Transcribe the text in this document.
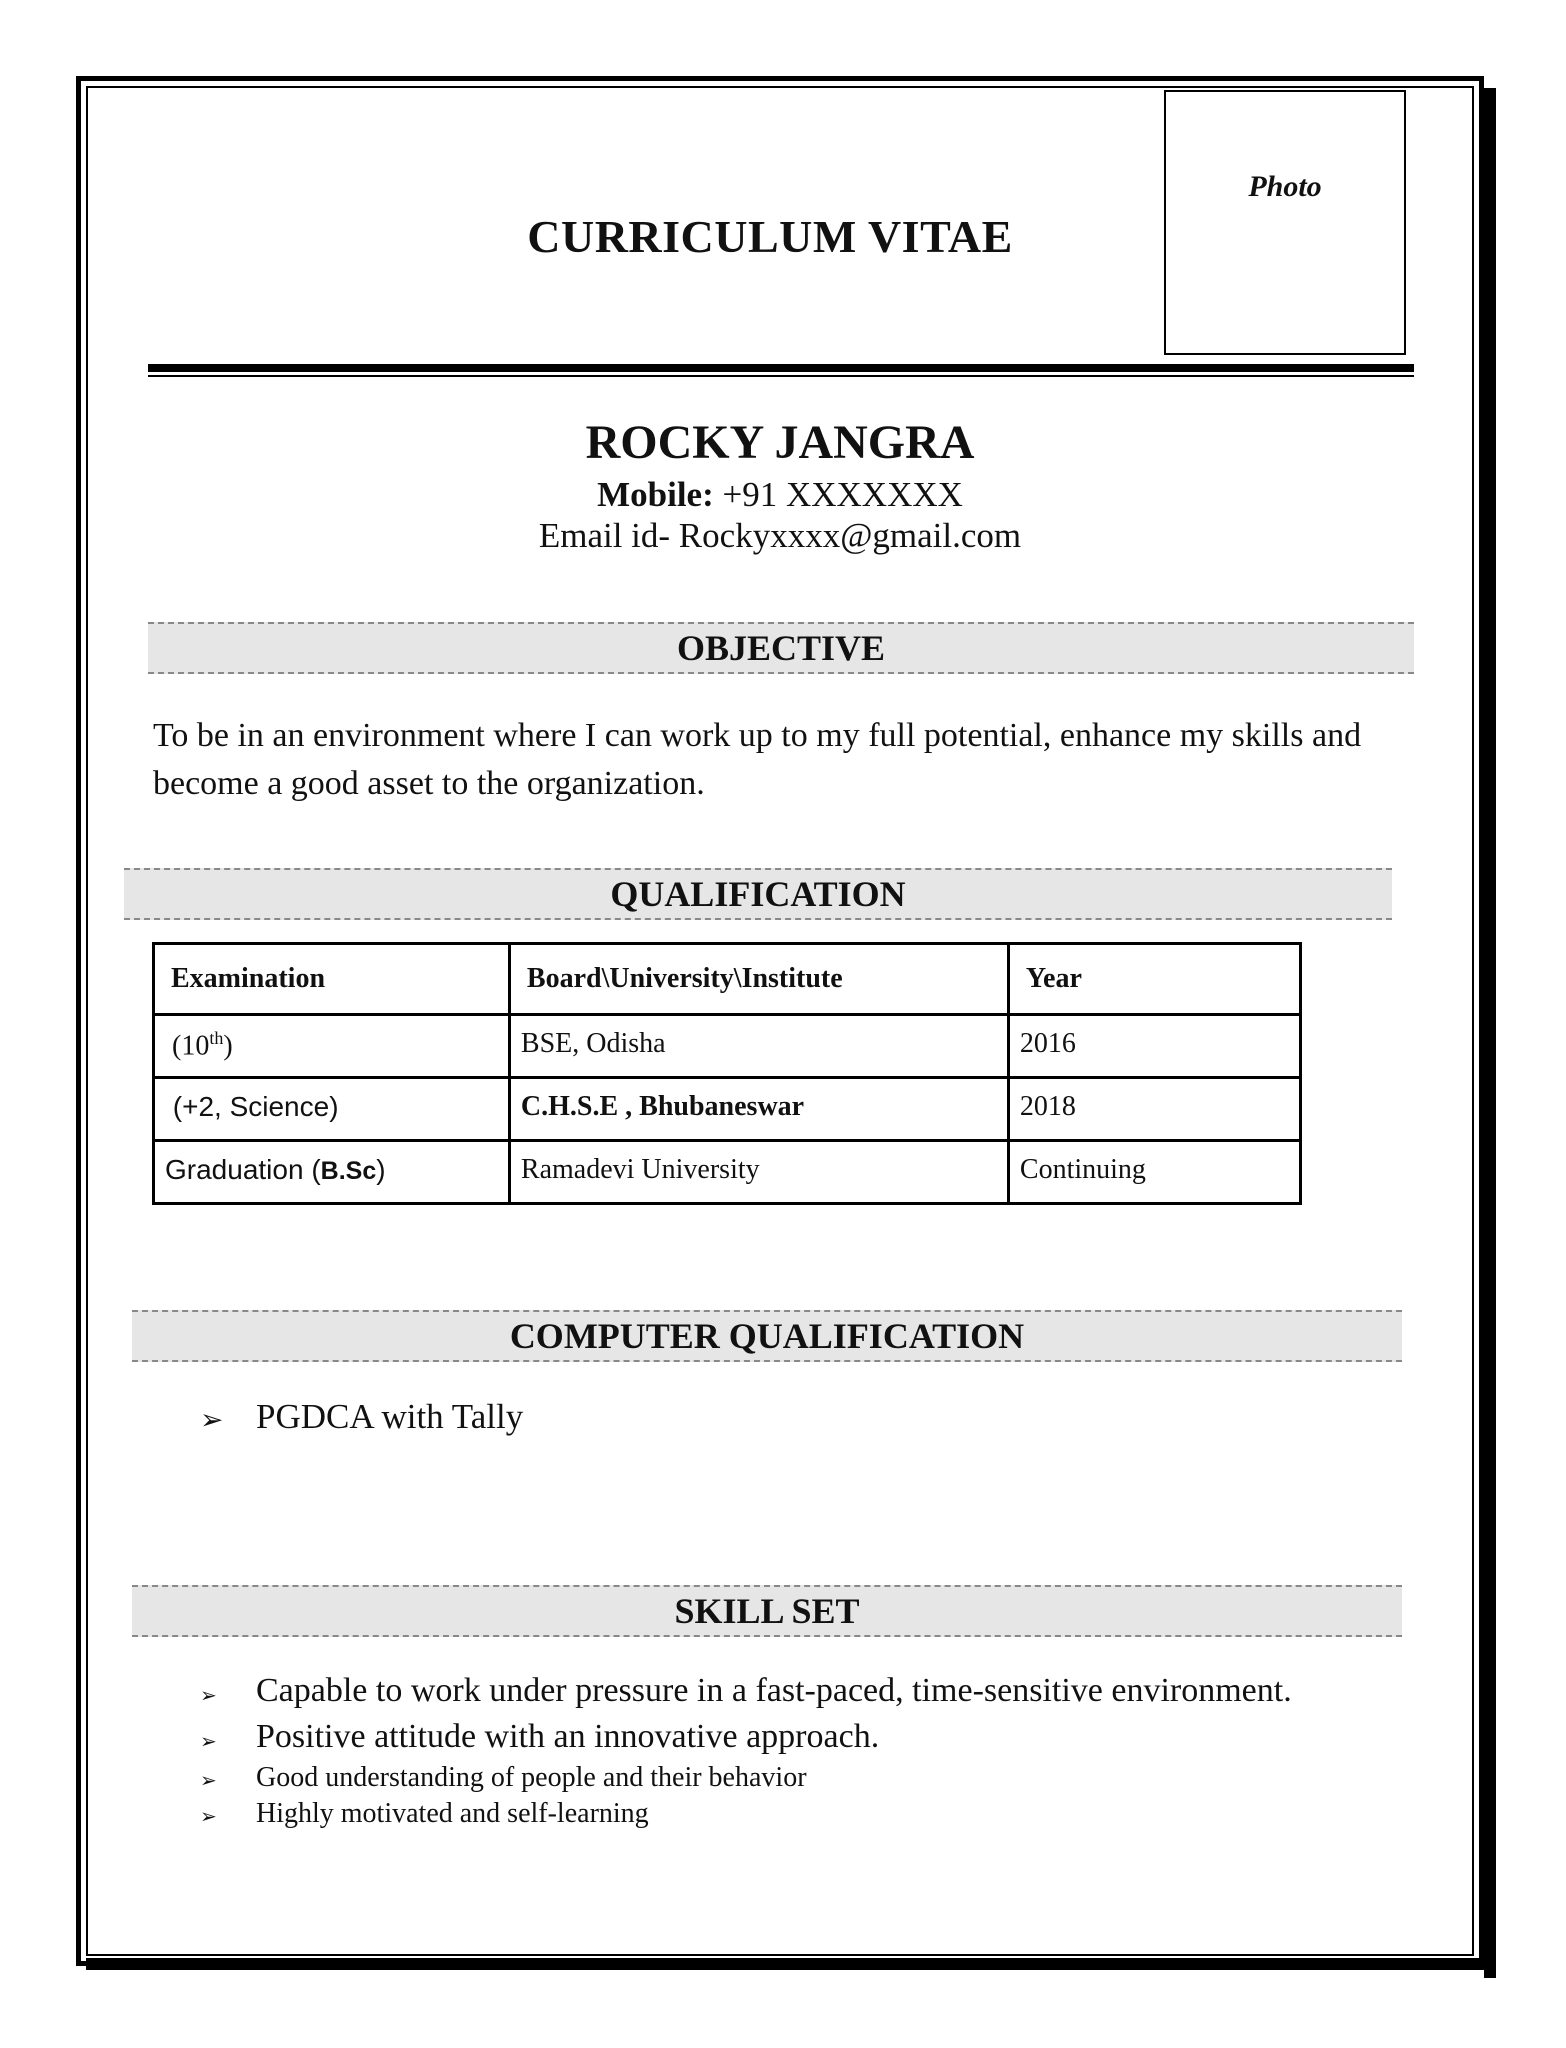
Photo
CURRICULUM VITAE
ROCKY JANGRA
Mobile: +91 XXXXXXX
Email id- Rockyxxxx@gmail.com
OBJECTIVE
To be in an environment where I can work up to my full potential, enhance my skills and become a good asset to the organization.
QUALIFICATION
Examination	Board\University\Institute	Year
(10th)	BSE, Odisha	2016
(+2, Science)	C.H.S.E , Bhubaneswar	2018
Graduation (B.Sc)	Ramadevi University	Continuing
COMPUTER QUALIFICATION
➢ PGDCA with Tally
SKILL SET
➢ Capable to work under pressure in a fast-paced, time-sensitive environment.
➢ Positive attitude with an innovative approach.
➢ Good understanding of people and their behavior
➢ Highly motivated and self-learning
